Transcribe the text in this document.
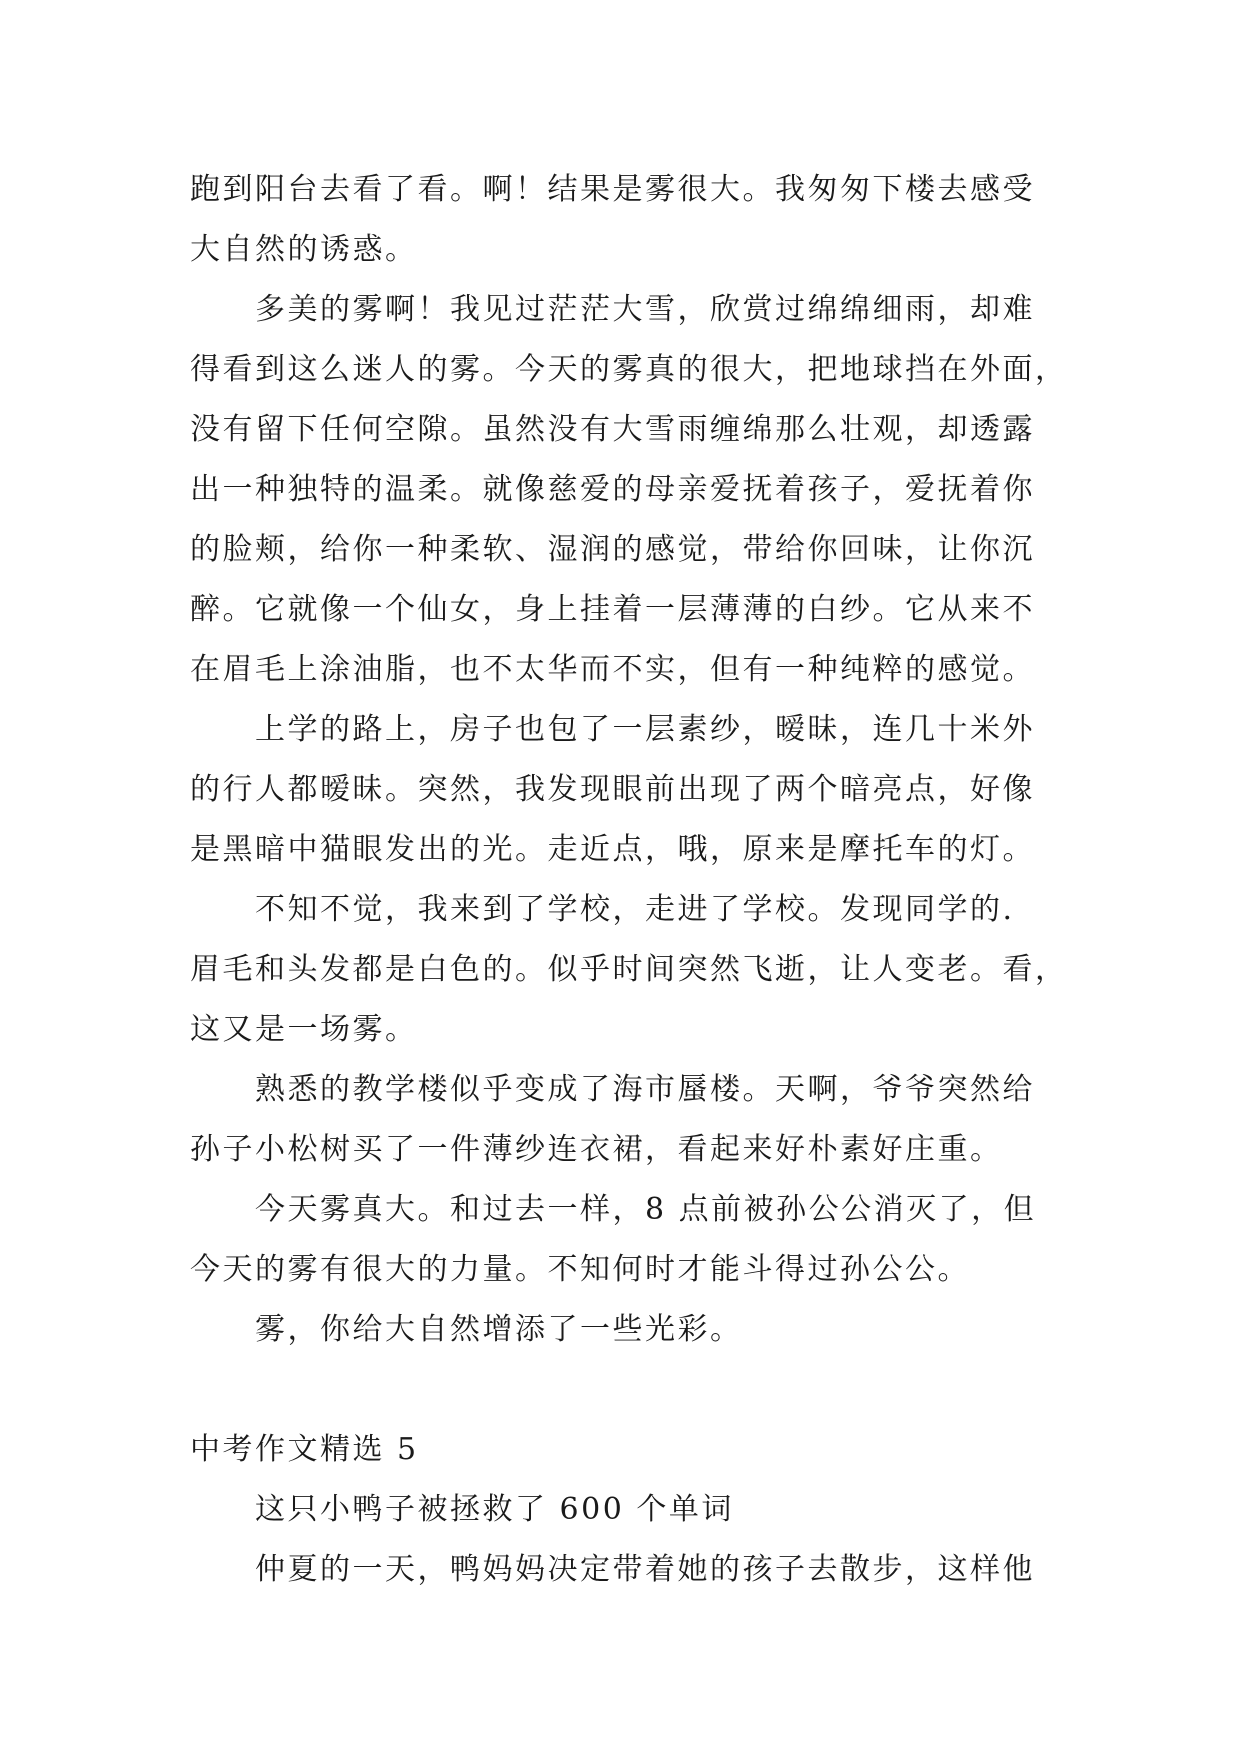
跑到阳台去看了看。啊！结果是雾很大。我匆匆下楼去感受
大自然的诱惑。
多美的雾啊！我见过茫茫大雪，欣赏过绵绵细雨，却难
得看到这么迷人的雾。今天的雾真的很大，把地球挡在外面，
没有留下任何空隙。虽然没有大雪雨缠绵那么壮观，却透露
出一种独特的温柔。就像慈爱的母亲爱抚着孩子，爱抚着你
的脸颊，给你一种柔软、湿润的感觉，带给你回味，让你沉
醉。它就像一个仙女，身上挂着一层薄薄的白纱。它从来不
在眉毛上涂油脂，也不太华而不实，但有一种纯粹的感觉。
上学的路上，房子也包了一层素纱，暧昧，连几十米外
的行人都暧昧。突然，我发现眼前出现了两个暗亮点，好像
是黑暗中猫眼发出的光。走近点，哦，原来是摩托车的灯。
不知不觉，我来到了学校，走进了学校。发现同学的.
眉毛和头发都是白色的。似乎时间突然飞逝，让人变老。看，
这又是一场雾。
熟悉的教学楼似乎变成了海市蜃楼。天啊，爷爷突然给
孙子小松树买了一件薄纱连衣裙，看起来好朴素好庄重。
今天雾真大。和过去一样，8 点前被孙公公消灭了，但
今天的雾有很大的力量。不知何时才能斗得过孙公公。
雾，你给大自然增添了一些光彩。
中考作文精选 5
这只小鸭子被拯救了 600 个单词
仲夏的一天，鸭妈妈决定带着她的孩子去散步，这样他
